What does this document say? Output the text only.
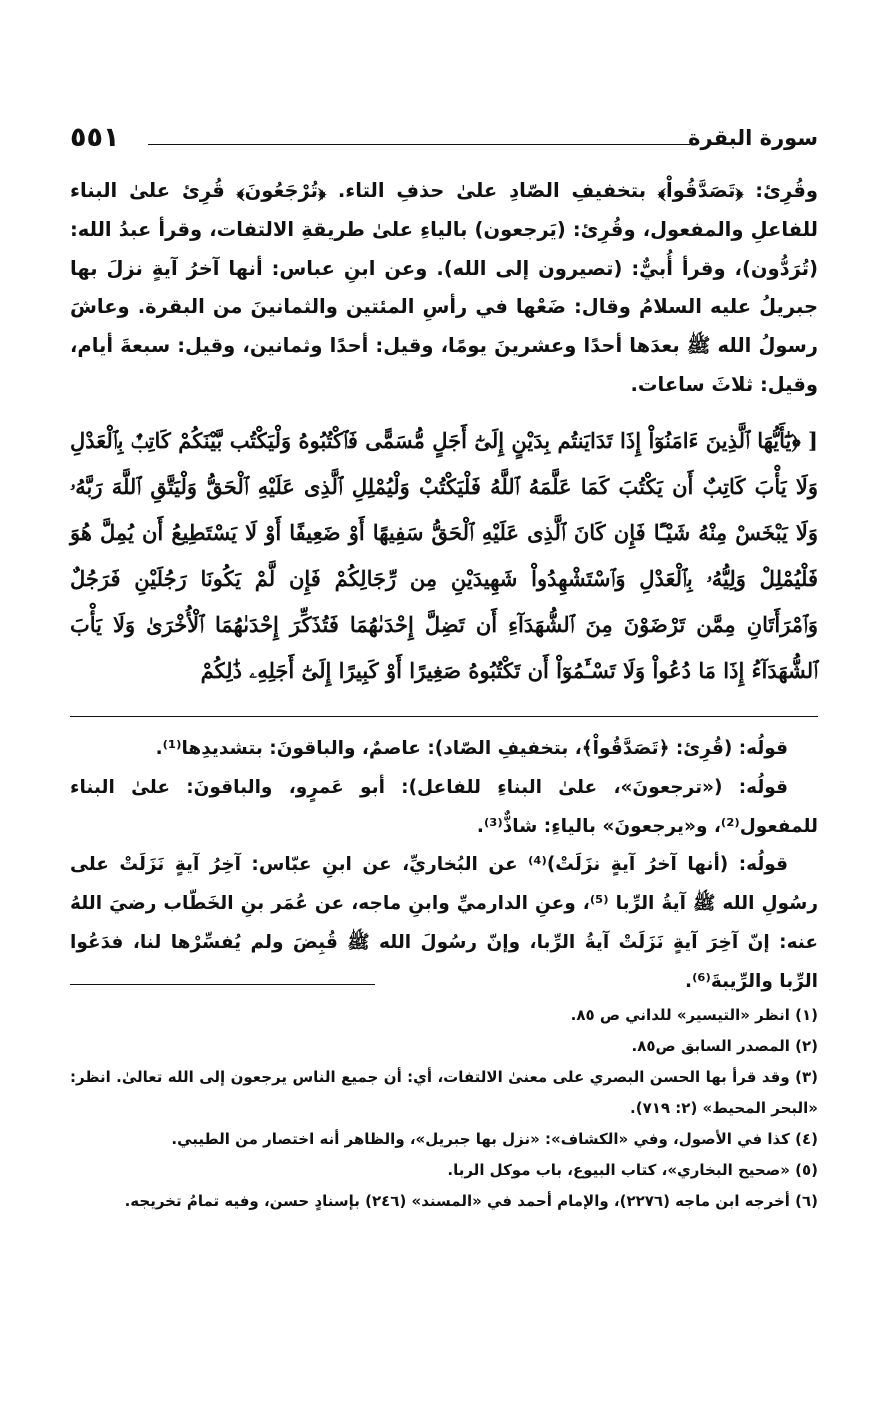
سورة البقرة
٥٥١

وقُرِئ: ﴿تَصَدَّقُواْ﴾ بتخفيفِ الصّادِ علىٰ حذفِ التاء. ﴿تُرْجَعُونَ﴾ قُرِئ علىٰ البناء للفاعلِ والمفعول، وقُرِئ: (يَرجعون) بالياءِ علىٰ طريقةِ الالتفات، وقرأ عبدُ الله: (تُرَدُّون)، وقرأ أُبيٌّ: (تصيرون إلى الله). وعن ابنِ عباس: أنها آخرُ آيةٍ نزلَ بها جبريلُ عليه السلامُ وقال: ضَعْها في رأسِ المئتين والثمانينَ من البقرة. وعاشَ رسولُ الله ﷺ بعدَها أحدًا وعشرينَ يومًا، وقيل: أحدًا وثمانين، وقيل: سبعةَ أيام، وقيل: ثلاثَ ساعات.

[ ﴿يَٰٓأَيُّهَا ٱلَّذِينَ ءَامَنُوٓاْ إِذَا تَدَايَنتُم بِدَيْنٍ إِلَىٰٓ أَجَلٍ مُّسَمًّى فَٱكْتُبُوهُ وَلْيَكْتُب بَّيْنَكُمْ كَاتِبٌۢ بِٱلْعَدْلِ وَلَا يَأْبَ كَاتِبٌ أَن يَكْتُبَ كَمَا عَلَّمَهُ ٱللَّهُ فَلْيَكْتُبْ وَلْيُمْلِلِ ٱلَّذِى عَلَيْهِ ٱلْحَقُّ وَلْيَتَّقِ ٱللَّهَ رَبَّهُۥ وَلَا يَبْخَسْ مِنْهُ شَيْـًٔا فَإِن كَانَ ٱلَّذِى عَلَيْهِ ٱلْحَقُّ سَفِيهًا أَوْ ضَعِيفًا أَوْ لَا يَسْتَطِيعُ أَن يُمِلَّ هُوَ فَلْيُمْلِلْ وَلِيُّهُۥ بِٱلْعَدْلِ وَٱسْتَشْهِدُواْ شَهِيدَيْنِ مِن رِّجَالِكُمْ فَإِن لَّمْ يَكُونَا رَجُلَيْنِ فَرَجُلٌ وَٱمْرَأَتَانِ مِمَّن تَرْضَوْنَ مِنَ ٱلشُّهَدَآءِ أَن تَضِلَّ إِحْدَىٰهُمَا فَتُذَكِّرَ إِحْدَىٰهُمَا ٱلْأُخْرَىٰ وَلَا يَأْبَ ٱلشُّهَدَآءُ إِذَا مَا دُعُواْ وَلَا تَسْـَٔمُوٓاْ أَن تَكْتُبُوهُ صَغِيرًا أَوْ كَبِيرًا إِلَىٰٓ أَجَلِهِۦ ذَٰلِكُمْ

قولُه: (قُرِئ: ﴿تَصَدَّقُواْ﴾، بتخفيفِ الصّاد): عاصمٌ، والباقونَ: بتشديدِها⁽¹⁾.

قولُه: («ترجعونَ»، علىٰ البناءِ للفاعل): أبو عَمرٍو، والباقونَ: علىٰ البناء للمفعول⁽²⁾، و«يرجعونَ» بالياءِ: شاذٌّ⁽³⁾.

قولُه: (أنها آخرُ آيةٍ نزَلَتْ)⁽⁴⁾ عن البُخاريِّ، عن ابنِ عبّاس: آخِرُ آيةٍ نَزَلَتْ على رسُولِ الله ﷺ آيةُ الرِّبا ⁽⁵⁾، وعنِ الدارميِّ وابنِ ماجه، عن عُمَر بنِ الخَطّاب رضيَ اللهُ عنه: إنّ آخِرَ آيةٍ نَزَلَتْ آيةُ الرِّبا، وإنّ رسُولَ الله ﷺ قُبِضَ ولم يُفسِّرْها لنا، فدَعُوا الرِّبا والرِّيبةَ⁽⁶⁾.

(١) انظر «التيسير» للداني ص ٨٥.

(٢) المصدر السابق ص٨٥.

(٣) وقد قرأ بها الحسن البصري على معنىٰ الالتفات، أي: أن جميع الناس يرجعون إلى الله تعالىٰ. انظر: «البحر المحيط» (٢: ٧١٩).

(٤) كذا في الأصول، وفي «الكشاف»: «نزل بها جبريل»، والظاهر أنه اختصار من الطيبي.

(٥) «صحيح البخاري»، كتاب البيوع، باب موكل الربا.

(٦) أخرجه ابن ماجه (٢٢٧٦)، والإمام أحمد في «المسند» (٢٤٦) بإسنادٍ حسن، وفيه تمامُ تخريجه.
